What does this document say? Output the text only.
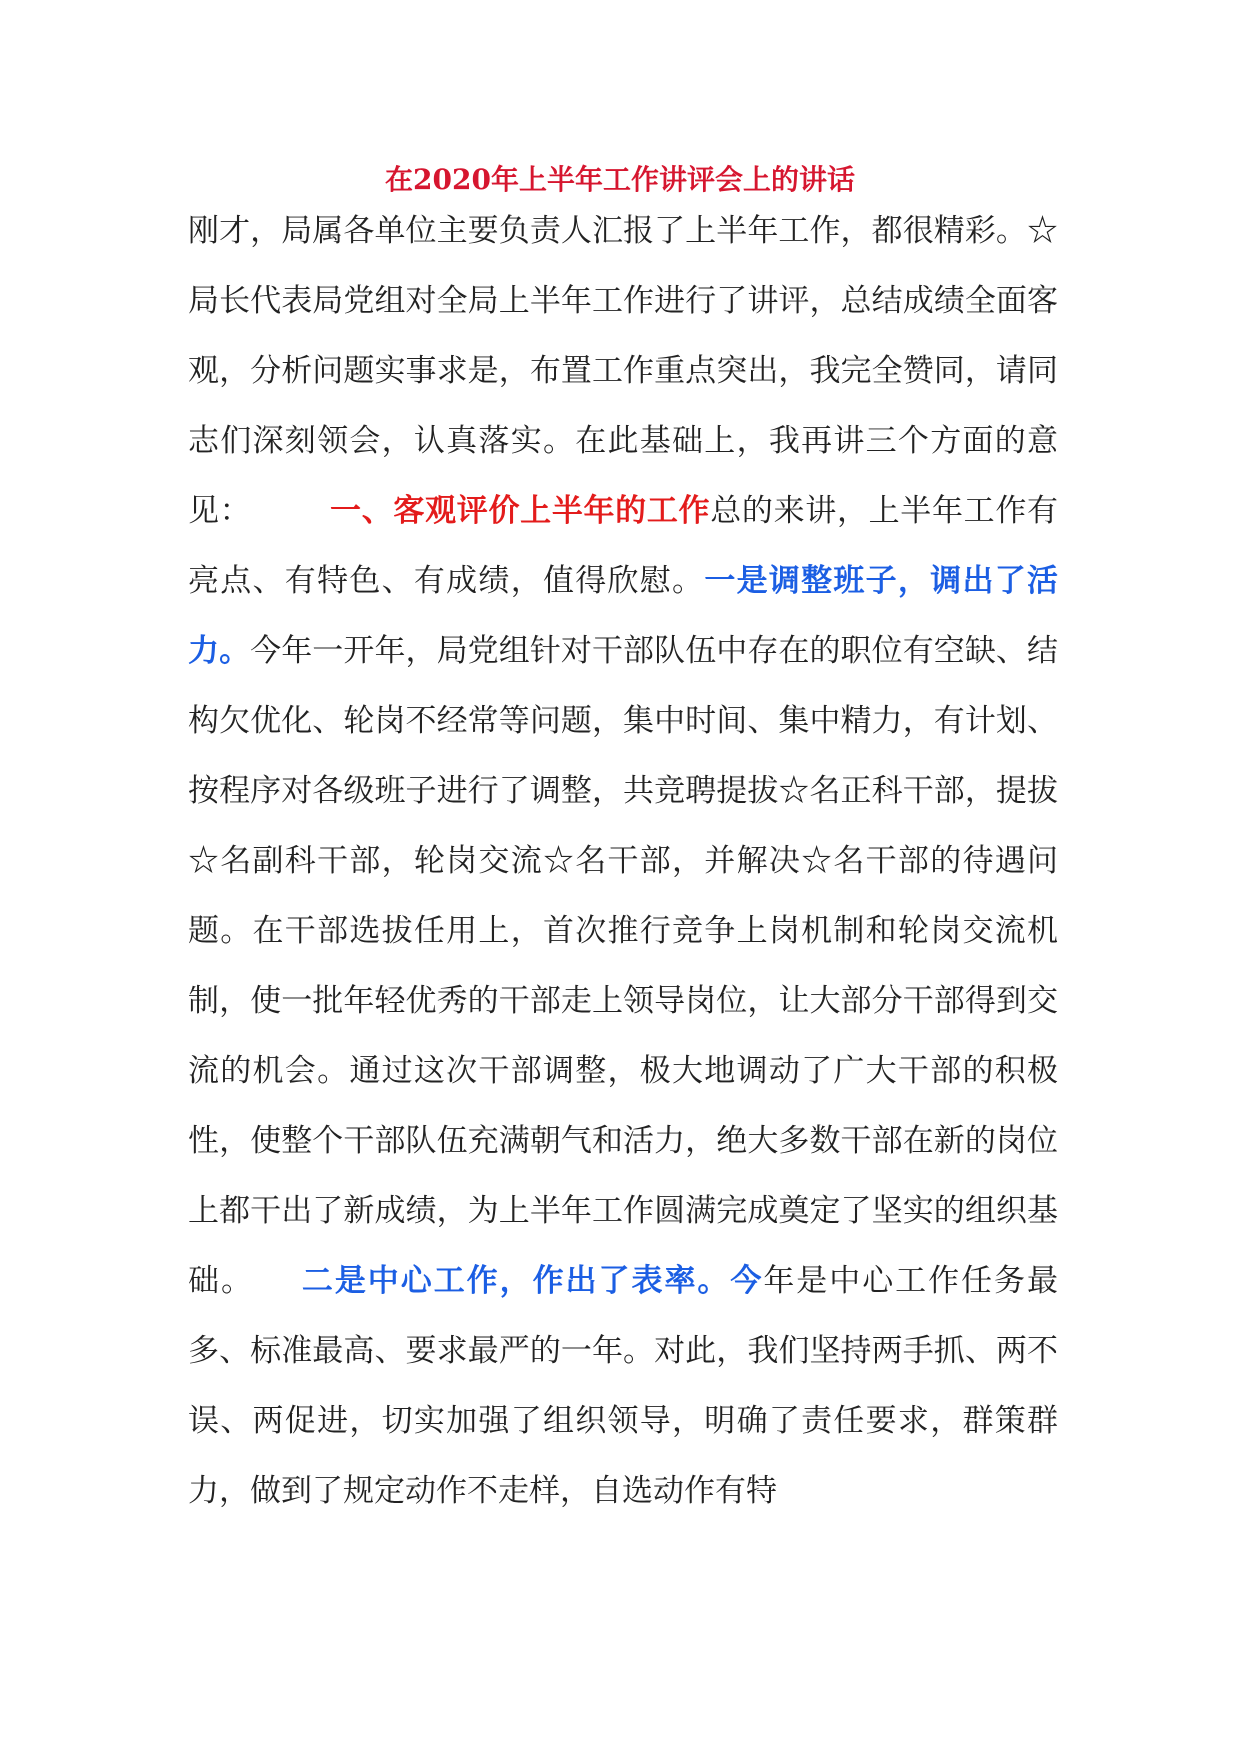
在2020年上半年工作讲评会上的讲话

刚才，局属各单位主要负责人汇报了上半年工作，都很精彩。☆局长代表局党组对全局上半年工作进行了讲评，总结成绩全面客观，分析问题实事求是，布置工作重点突出，我完全赞同，请同志们深刻领会，认真落实。在此基础上，我再讲三个方面的意见：	一、客观评价上半年的工作总的来讲，上半年工作有亮点、有特色、有成绩，值得欣慰。一是调整班子，调出了活力。今年一开年，局党组针对干部队伍中存在的职位有空缺、结构欠优化、轮岗不经常等问题，集中时间、集中精力，有计划、按程序对各级班子进行了调整，共竞聘提拔☆名正科干部，提拔☆名副科干部，轮岗交流☆名干部，并解决☆名干部的待遇问题。在干部选拔任用上，首次推行竞争上岗机制和轮岗交流机制，使一批年轻优秀的干部走上领导岗位，让大部分干部得到交流的机会。通过这次干部调整，极大地调动了广大干部的积极性，使整个干部队伍充满朝气和活力，绝大多数干部在新的岗位上都干出了新成绩，为上半年工作圆满完成奠定了坚实的组织基础。 二是中心工作，作出了表率。今年是中心工作任务最多、标准最高、要求最严的一年。对此，我们坚持两手抓、两不误、两促进，切实加强了组织领导，明确了责任要求，群策群力，做到了规定动作不走样，自选动作有特
